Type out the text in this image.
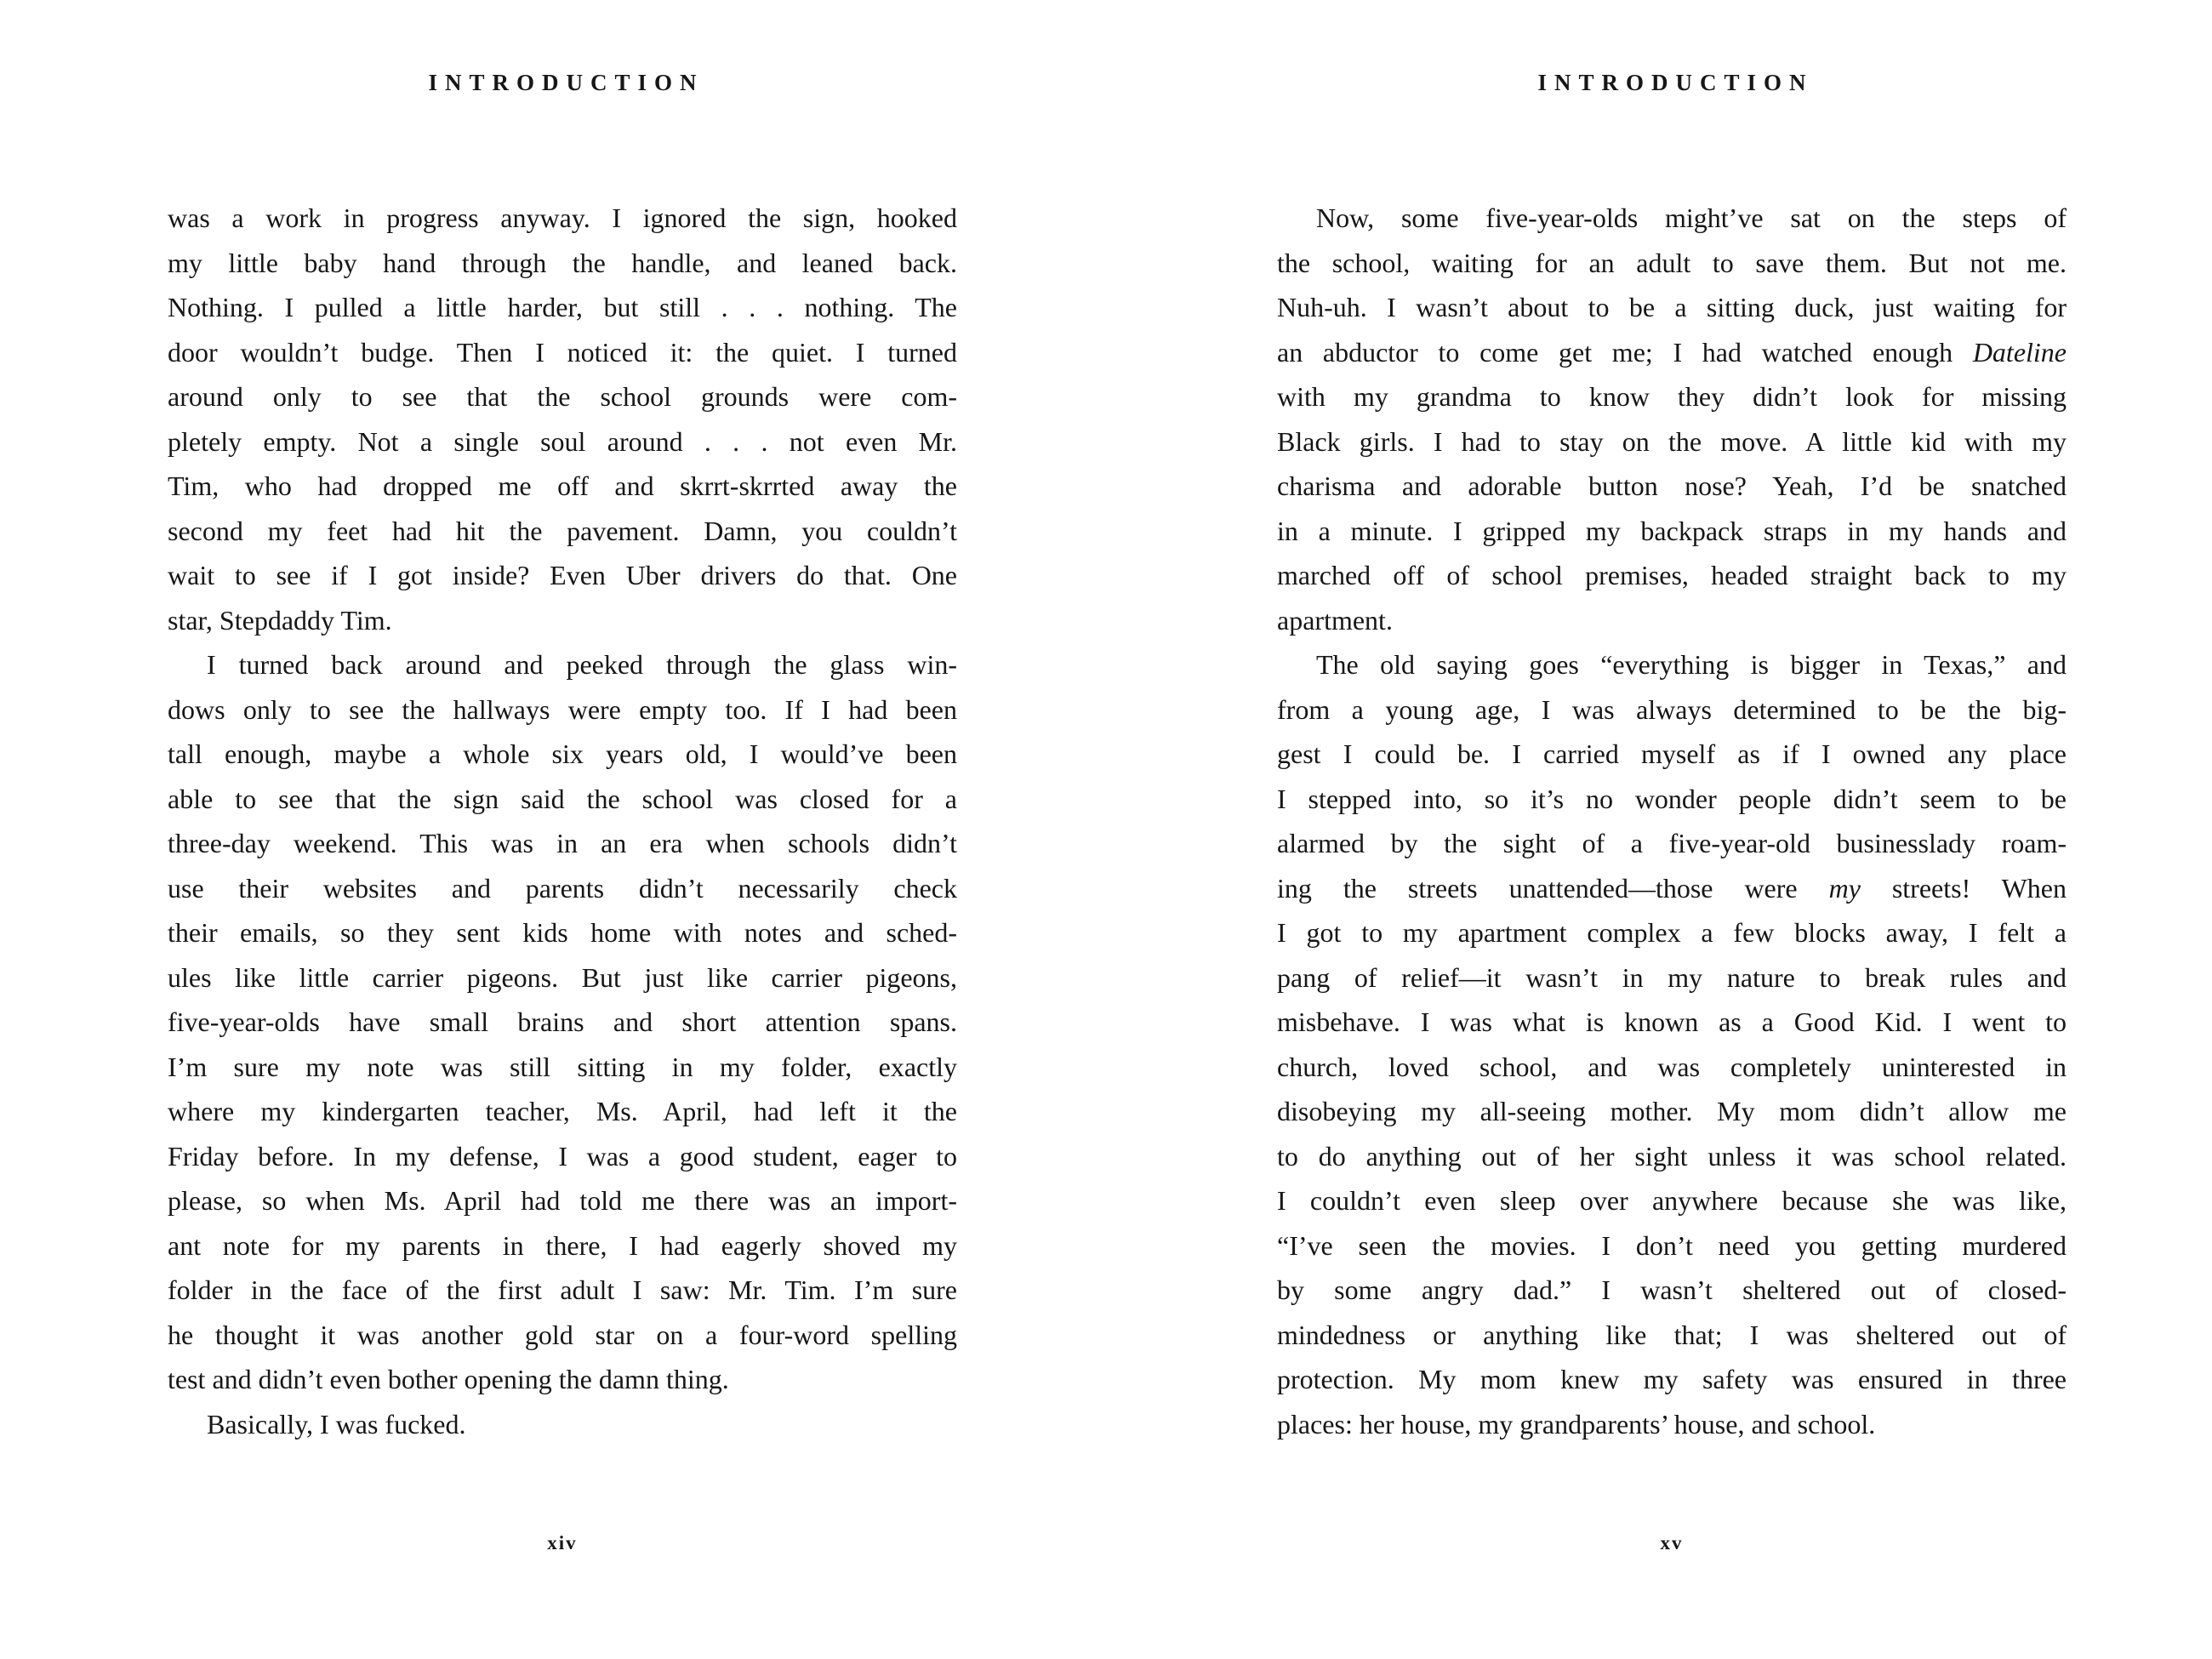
INTRODUCTION
was a work in progress anyway. I ignored the sign, hooked
my little baby hand through the handle, and leaned back.
Nothing. I pulled a little harder, but still . . . nothing. The
door wouldn’t budge. Then I noticed it: the quiet. I turned
around only to see that the school grounds were com-
pletely empty. Not a single soul around . . . not even Mr.
Tim, who had dropped me off and skrrt-skrrted away the
second my feet had hit the pavement. Damn, you couldn’t
wait to see if I got inside? Even Uber drivers do that. One
star, Stepdaddy Tim.
I turned back around and peeked through the glass win-
dows only to see the hallways were empty too. If I had been
tall enough, maybe a whole six years old, I would’ve been
able to see that the sign said the school was closed for a
three-day weekend. This was in an era when schools didn’t
use their websites and parents didn’t necessarily check
their emails, so they sent kids home with notes and sched-
ules like little carrier pigeons. But just like carrier pigeons,
five-year-olds have small brains and short attention spans.
I’m sure my note was still sitting in my folder, exactly
where my kindergarten teacher, Ms. April, had left it the
Friday before. In my defense, I was a good student, eager to
please, so when Ms. April had told me there was an import-
ant note for my parents in there, I had eagerly shoved my
folder in the face of the first adult I saw: Mr. Tim. I’m sure
he thought it was another gold star on a four-word spelling
test and didn’t even bother opening the damn thing.
Basically, I was fucked.
xiv
INTRODUCTION
Now, some five-year-olds might’ve sat on the steps of
the school, waiting for an adult to save them. But not me.
Nuh-uh. I wasn’t about to be a sitting duck, just waiting for
an abductor to come get me; I had watched enough Dateline
with my grandma to know they didn’t look for missing
Black girls. I had to stay on the move. A little kid with my
charisma and adorable button nose? Yeah, I’d be snatched
in a minute. I gripped my backpack straps in my hands and
marched off of school premises, headed straight back to my
apartment.
The old saying goes “everything is bigger in Texas,” and
from a young age, I was always determined to be the big-
gest I could be. I carried myself as if I owned any place
I stepped into, so it’s no wonder people didn’t seem to be
alarmed by the sight of a five-year-old businesslady roam-
ing the streets unattended—those were my streets! When
I got to my apartment complex a few blocks away, I felt a
pang of relief—it wasn’t in my nature to break rules and
misbehave. I was what is known as a Good Kid. I went to
church, loved school, and was completely uninterested in
disobeying my all-seeing mother. My mom didn’t allow me
to do anything out of her sight unless it was school related.
I couldn’t even sleep over anywhere because she was like,
“I’ve seen the movies. I don’t need you getting murdered
by some angry dad.” I wasn’t sheltered out of closed-
mindedness or anything like that; I was sheltered out of
protection. My mom knew my safety was ensured in three
places: her house, my grandparents’ house, and school.
xv
